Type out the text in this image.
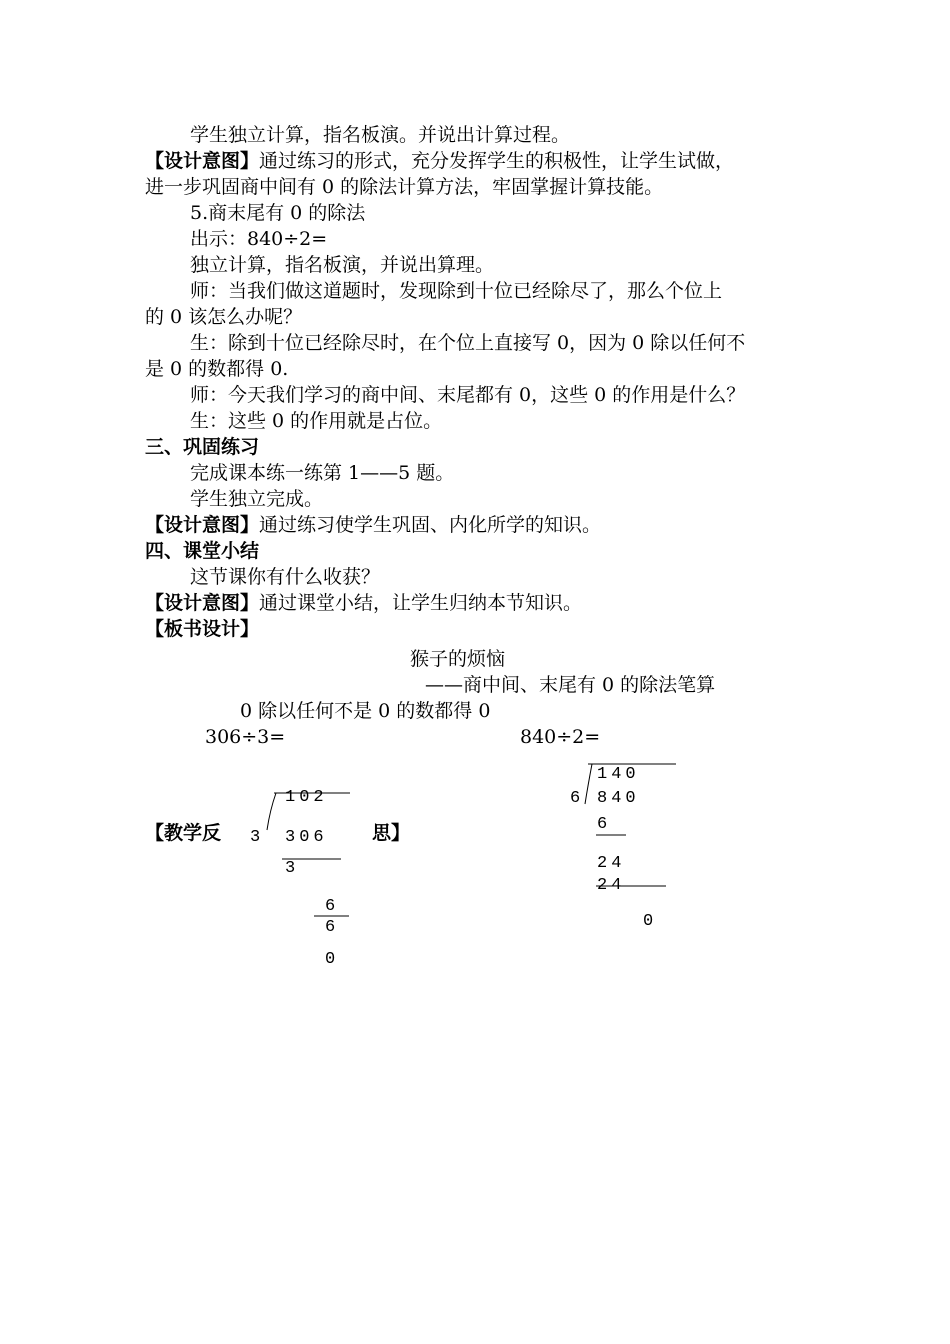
学生独立计算，指名板演。并说出计算过程。
【设计意图】通过练习的形式，充分发挥学生的积极性，让学生试做，
进一步巩固商中间有 0 的除法计算方法，牢固掌握计算技能。
5.商末尾有 0 的除法
出示：840÷2=
独立计算，指名板演，并说出算理。
师：当我们做这道题时，发现除到十位已经除尽了，那么个位上
的 0 该怎么办呢？
生：除到十位已经除尽时，在个位上直接写 0，因为 0 除以任何不
是 0 的数都得 0.
师：今天我们学习的商中间、末尾都有 0，这些 0 的作用是什么？
生：这些 0 的作用就是占位。
三、巩固练习
完成课本练一练第 1——5 题。
学生独立完成。
【设计意图】通过练习使学生巩固、内化所学的知识。
四、课堂小结
这节课你有什么收获？
【设计意图】通过课堂小结，让学生归纳本节知识。
【板书设计】
猴子的烦恼
——商中间、末尾有 0 的除法笔算
0 除以任何不是 0 的数都得 0
306÷3=	840÷2=
【教学反	思】
102
3 306
3
6
6
0
140
6 840
6
24
24
0
